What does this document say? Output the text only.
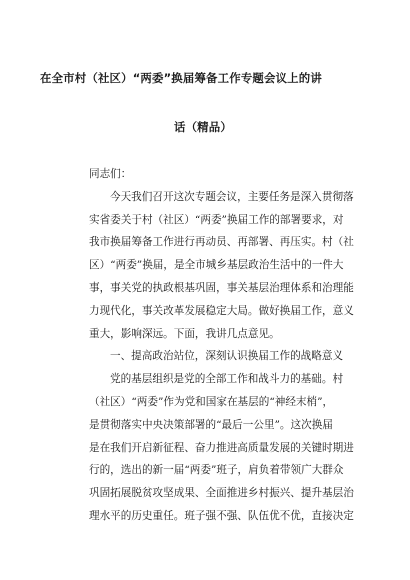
在全市村（社区）“两委”换届筹备工作专题会议上的讲
话（精品）
同志们：
今天我们召开这次专题会议，主要任务是深入贯彻落
实省委关于村（社区）“两委”换届工作的部署要求，对
我市换届筹备工作进行再动员、再部署、再压实。村（社
区）“两委”换届，是全市城乡基层政治生活中的一件大
事，事关党的执政根基巩固，事关基层治理体系和治理能
力现代化，事关改革发展稳定大局。做好换届工作，意义
重大，影响深远。下面，我讲几点意见。
一、提高政治站位，深刻认识换届工作的战略意义
党的基层组织是党的全部工作和战斗力的基础。村
（社区）“两委”作为党和国家在基层的“神经末梢”，
是贯彻落实中央决策部署的“最后一公里”。这次换届
是在我们开启新征程、奋力推进高质量发展的关键时期进
行的，选出的新一届“两委”班子，肩负着带领广大群众
巩固拓展脱贫攻坚成果、全面推进乡村振兴、提升基层治
理水平的历史重任。班子强不强、队伍优不优，直接决定
